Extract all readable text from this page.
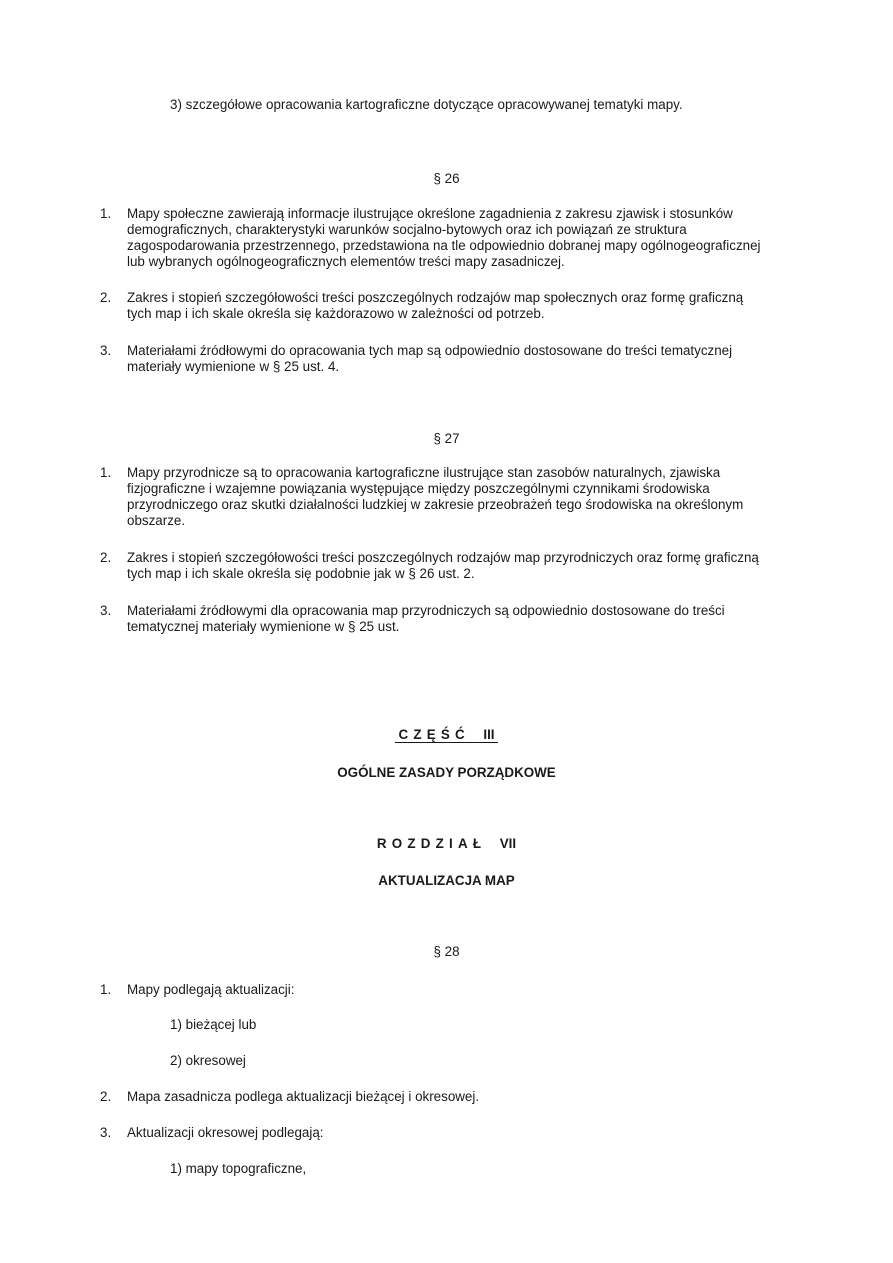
3) szczegółowe opracowania kartograficzne dotyczące opracowywanej tematyki mapy.
§ 26
1.	Mapy społeczne zawierają informacje ilustrujące określone zagadnienia z zakresu zjawisk i stosunków
demograficznych, charakterystyki warunków socjalno-bytowych oraz ich powiązań ze struktura
zagospodarowania przestrzennego, przedstawiona na tle odpowiednio dobranej mapy ogólnogeograficznej
lub wybranych ogólnogeograficznych elementów treści mapy zasadniczej.
2.	Zakres i stopień szczegółowości treści poszczególnych rodzajów map społecznych oraz formę graficzną
tych map i ich skale określa się każdorazowo w zależności od potrzeb.
3.	Materiałami źródłowymi do opracowania tych map są odpowiednio dostosowane do treści tematycznej
materiały wymienione w § 25 ust. 4.
§ 27
1.	Mapy przyrodnicze są to opracowania kartograficzne ilustrujące stan zasobów naturalnych, zjawiska
fizjograficzne i wzajemne powiązania występujące między poszczególnymi czynnikami środowiska
przyrodniczego oraz skutki działalności ludzkiej w zakresie przeobrażeń tego środowiska na określonym
obszarze.
2.	Zakres i stopień szczegółowości treści poszczególnych rodzajów map przyrodniczych oraz formę graficzną
tych map i ich skale określa się podobnie jak w § 26 ust. 2.
3.	Materiałami źródłowymi dla opracowania map przyrodniczych są odpowiednio dostosowane do treści
tematycznej materiały wymienione w § 25 ust.
CZĘŚĆ III
OGÓLNE ZASADY PORZĄDKOWE
ROZDZIAŁ VII
AKTUALIZACJA MAP
§ 28
1.	Mapy podlegają aktualizacji:
1) bieżącej lub
2) okresowej
2.	Mapa zasadnicza podlega aktualizacji bieżącej i okresowej.
3.	Aktualizacji okresowej podlegają:
1) mapy topograficzne,
